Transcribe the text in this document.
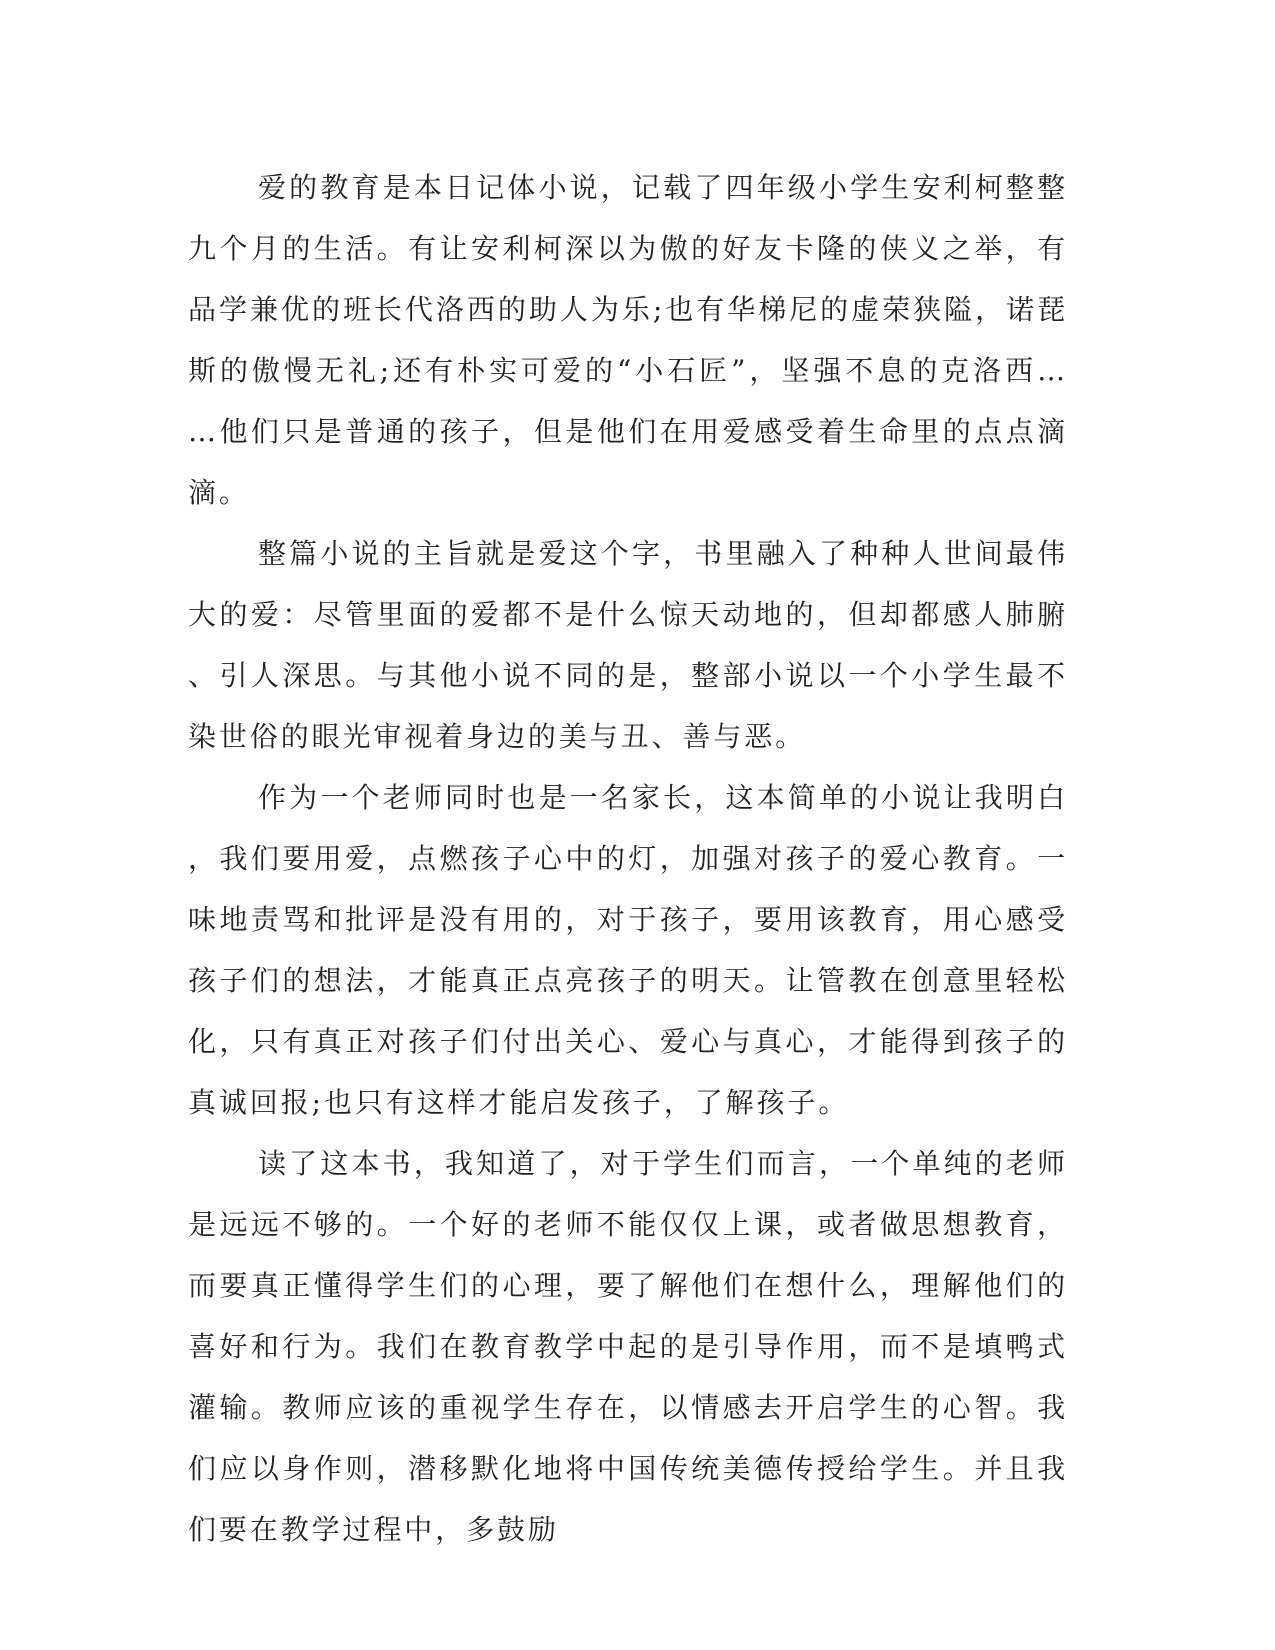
爱的教育是本日记体小说，记载了四年级小学生安利柯整整九个月的生活。有让安利柯深以为傲的好友卡隆的侠义之举，有品学兼优的班长代洛西的助人为乐;也有华梯尼的虚荣狭隘，诺琵斯的傲慢无礼;还有朴实可爱的“小石匠”，坚强不息的克洛西……他们只是普通的孩子，但是他们在用爱感受着生命里的点点滴滴。

整篇小说的主旨就是爱这个字，书里融入了种种人世间最伟大的爱：尽管里面的爱都不是什么惊天动地的，但却都感人肺腑、引人深思。与其他小说不同的是，整部小说以一个小学生最不染世俗的眼光审视着身边的美与丑、善与恶。

作为一个老师同时也是一名家长，这本简单的小说让我明白，我们要用爱，点燃孩子心中的灯，加强对孩子的爱心教育。一味地责骂和批评是没有用的，对于孩子，要用该教育，用心感受孩子们的想法，才能真正点亮孩子的明天。让管教在创意里轻松化，只有真正对孩子们付出关心、爱心与真心，才能得到孩子的真诚回报;也只有这样才能启发孩子，了解孩子。

读了这本书，我知道了，对于学生们而言，一个单纯的老师是远远不够的。一个好的老师不能仅仅上课，或者做思想教育，而要真正懂得学生们的心理，要了解他们在想什么，理解他们的喜好和行为。我们在教育教学中起的是引导作用，而不是填鸭式灌输。教师应该的重视学生存在，以情感去开启学生的心智。我们应以身作则，潜移默化地将中国传统美德传授给学生。并且我们要在教学过程中，多鼓励
